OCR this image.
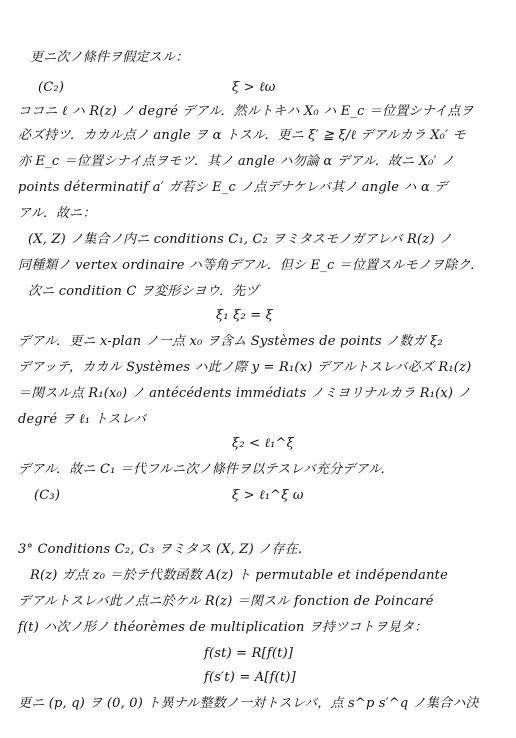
更ニ次ノ條件ヲ假定スル：
(C₂)	ξ > ℓω
ココニ ℓ ハ R(z) ノ degré デアル．然ルトキハ X₀ ハ E_c ＝位置シナイ点ヲ
必ズ持ツ．カカル点ノ angle ヲ α トスル．更ニ ξ′ ≧ ξ/ℓ デアルカラ X₀′ モ
亦 E_c ＝位置シナイ点ヲモツ．其ノ angle ハ勿論 α デアル．故ニ X₀′ ノ
points déterminatif a′ ガ若シ E_c ノ点デナケレバ其ノ angle ハ α デ
アル．故ニ：
(X, Z) ノ集合ノ内ニ conditions C₁, C₂ ヲミタスモノガアレバ R(z) ノ
同種類ノ vertex ordinaire ハ等角デアル．但シ E_c ＝位置スルモノヲ除ク．
次ニ condition C ヲ変形シヨウ．先ヅ
ξ₁ ξ₂ = ξ
デアル．更ニ x-plan ノ一点 x₀ ヲ含ム Systèmes de points ノ数ガ ξ₂
デアッテ，カカル Systèmes ハ此ノ際 y = R₁(x) デアルトスレバ必ズ R₁(z)
＝関スル点 R₁(x₀) ノ antécédents immédiats ノミヨリナルカラ R₁(x) ノ
degré ヲ ℓ₁ トスレバ
ξ₂ < ℓ₁^ξ
デアル．故ニ C₁ ＝代フルニ次ノ條件ヲ以テスレバ充分デアル．
(C₃)	ξ > ℓ₁^ξ ω
3° Conditions C₂, C₃ ヲミタス (X, Z) ノ存在．
R(z) ガ点 z₀ ＝於テ代数函数 A(z) ト permutable et indépendante
デアルトスレバ此ノ点ニ於ケル R(z) ＝関スル fonction de Poincaré
f(t) ハ次ノ形ノ théorèmes de multiplication ヲ持ツコトヲ見タ：
f(st) = R[f(t)]
f(s′t) = A[f(t)]
更ニ (p, q) ヲ (0, 0) ト異ナル整数ノ一対トスレバ，点 s^p s′^q ノ集合ハ決
